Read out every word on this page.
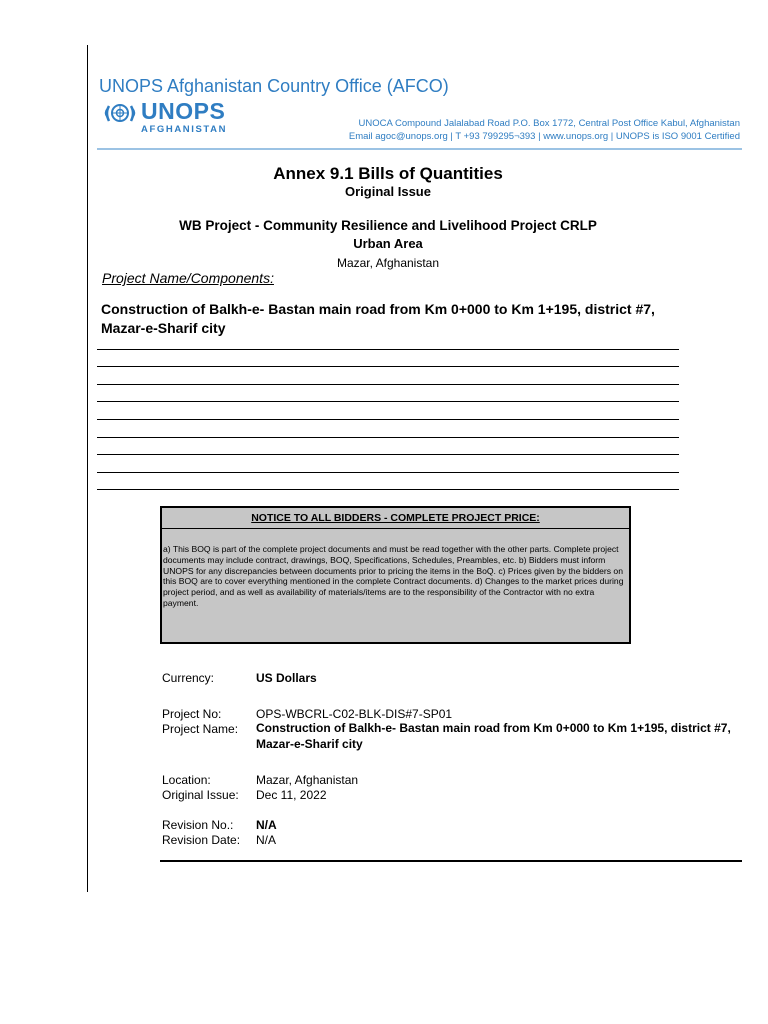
UNOPS Afghanistan Country Office (AFCO)
UNOPS
AFGHANISTAN
UNOCA Compound Jalalabad Road P.O. Box 1772, Central Post Office Kabul, Afghanistan
Email agoc@unops.org | T +93 799295¬393 | www.unops.org | UNOPS is ISO 9001 Certified
Annex 9.1 Bills of Quantities
Original Issue
WB Project - Community Resilience and Livelihood Project CRLP
Urban Area
Mazar, Afghanistan
Project Name/Components:
Construction of Balkh-e- Bastan main road from Km 0+000 to Km 1+195, district #7, Mazar-e-Sharif city
NOTICE TO ALL BIDDERS - COMPLETE PROJECT PRICE:
a) This BOQ is part of the complete project documents and must be read together with the other parts. Complete project documents may include contract, drawings, BOQ, Specifications, Schedules, Preambles, etc. b) Bidders must inform UNOPS for any discrepancies between documents prior to pricing the items in the BoQ. c) Prices given by the bidders on this BOQ are to cover everything mentioned in the complete Contract documents. d) Changes to the market prices during project period, and as well as availability of materials/items are to the responsibility of the Contractor with no extra payment.
Currency:	US Dollars
Project No:	OPS-WBCRL-C02-BLK-DIS#7-SP01
Project Name: Construction of Balkh-e- Bastan main road from Km 0+000 to Km 1+195, district #7, Mazar-e-Sharif city
Location:	Mazar, Afghanistan
Original Issue: Dec 11, 2022
Revision No.: N/A
Revision Date: N/A
